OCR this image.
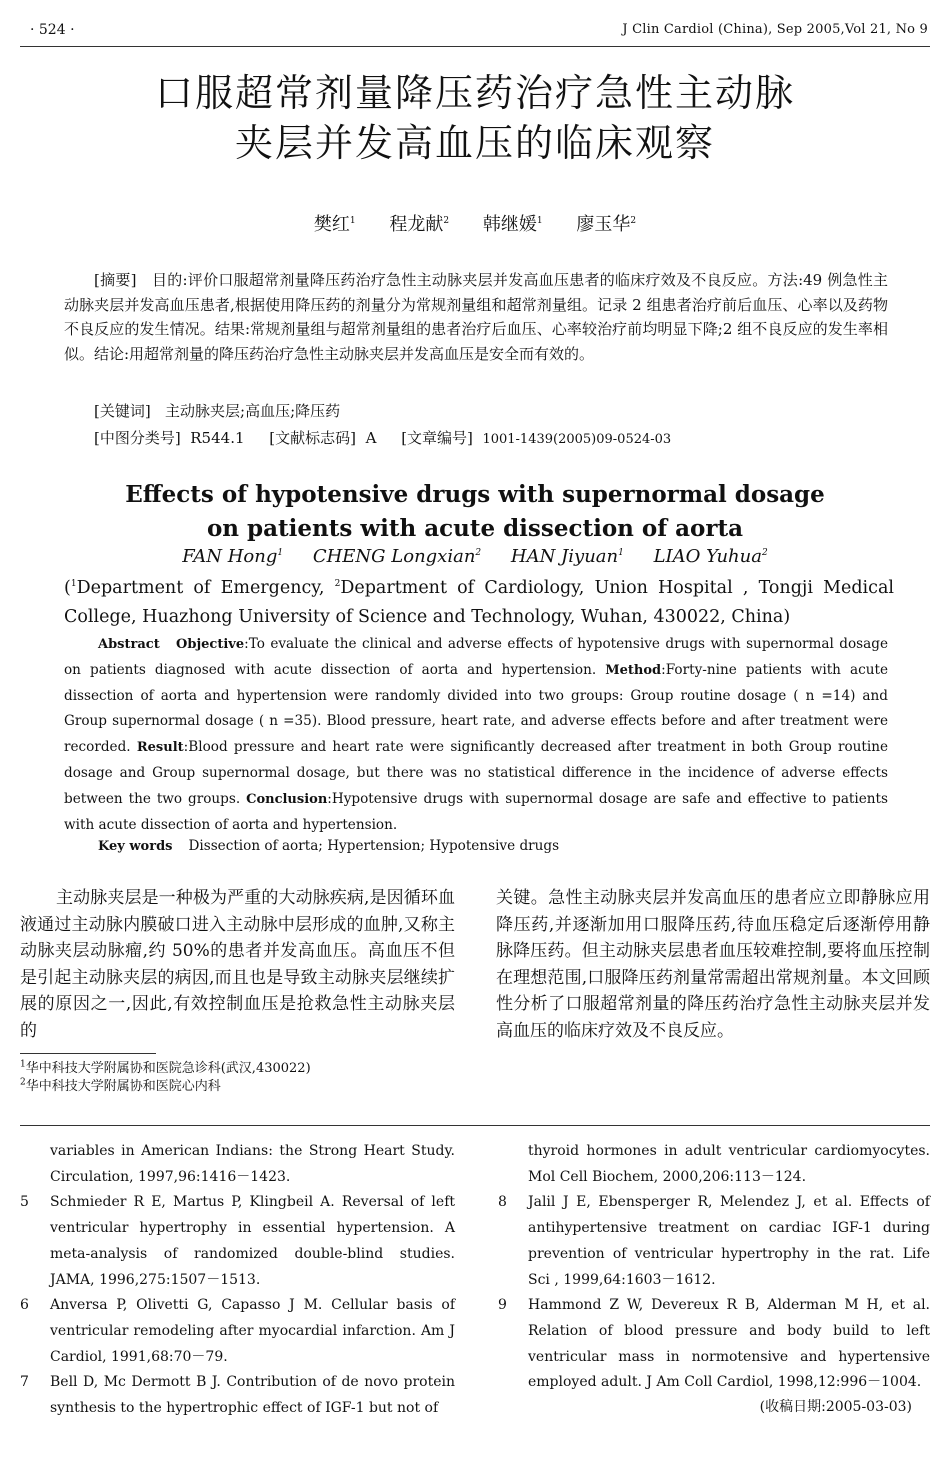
· 524 ·	J Clin Cardiol (China), Sep 2005,Vol 21, No 9
口服超常剂量降压药治疗急性主动脉
夹层并发高血压的临床观察
樊红$^1$ 程龙献$^2$ 韩继媛$^1$ 廖玉华$^2$

[摘要]　目的:评价口服超常剂量降压药治疗急性主动脉夹层并发高血压患者的临床疗效及不良反应。方法:49 例急性主动脉夹层并发高血压患者,根据使用降压药的剂量分为常规剂量组和超常剂量组。记录 2 组患者治疗前后血压、心率以及药物不良反应的发生情况。结果:常规剂量组与超常剂量组的患者治疗后血压、心率较治疗前均明显下降;2 组不良反应的发生率相似。结论:用超常剂量的降压药治疗急性主动脉夹层并发高血压是安全而有效的。

[关键词] 主动脉夹层;高血压;降压药
[中图分类号] R544.1 [文献标志码] A [文章编号] 1001-1439(2005)09-0524-03
Effects of hypotensive drugs with supernormal dosage
on patients with acute dissection of aorta
FAN Hong$^1$ CHENG Longxian$^2$ HAN Jiyuan$^1$ LIAO Yuhua$^2$
($^1$Department of Emergency, $^2$Department of Cardiology, Union Hospital , Tongji Medical College, Huazhong University of Science and Technology, Wuhan, 430022, China)
Abstract Objective:To evaluate the clinical and adverse effects of hypotensive drugs with supernormal dosage on patients diagnosed with acute dissection of aorta and hypertension. Method:Forty-nine patients with acute dissection of aorta and hypertension were randomly divided into two groups: Group routine dosage ( n =14) and Group supernormal dosage ( n =35). Blood pressure, heart rate, and adverse effects before and after treatment were recorded. Result:Blood pressure and heart rate were significantly decreased after treatment in both Group routine dosage and Group supernormal dosage, but there was no statistical difference in the incidence of adverse effects between the two groups. Conclusion:Hypotensive drugs with supernormal dosage are safe and effective to patients with acute dissection of aorta and hypertension.
Key words Dissection of aorta; Hypertension; Hypotensive drugs

主动脉夹层是一种极为严重的大动脉疾病,是因循环血液通过主动脉内膜破口进入主动脉中层形成的血肿,又称主动脉夹层动脉瘤,约 50%的患者并发高血压。高血压不但是引起主动脉夹层的病因,而且也是导致主动脉夹层继续扩展的原因之一,因此,有效控制血压是抢救急性主动脉夹层的

关键。急性主动脉夹层并发高血压的患者应立即静脉应用降压药,并逐渐加用口服降压药,待血压稳定后逐渐停用静脉降压药。但主动脉夹层患者血压较难控制,要将血压控制在理想范围,口服降压药剂量常需超出常规剂量。本文回顾性分析了口服超常剂量的降压药治疗急性主动脉夹层并发高血压的临床疗效及不良反应。

$^1$华中科技大学附属协和医院急诊科(武汉,430022)
$^2$华中科技大学附属协和医院心内科
variables in American Indians: the Strong Heart Study. Circulation, 1997,96:1416－1423.
5 Schmieder R E, Martus P, Klingbeil A. Reversal of left ventricular hypertrophy in essential hypertension. A meta-analysis of randomized double-blind studies. JAMA, 1996,275:1507－1513.
6 Anversa P, Olivetti G, Capasso J M. Cellular basis of ventricular remodeling after myocardial infarction. Am J Cardiol, 1991,68:70－79.
7 Bell D, Mc Dermott B J. Contribution of de novo protein synthesis to the hypertrophic effect of IGF-1 but not of
thyroid hormones in adult ventricular cardiomyocytes. Mol Cell Biochem, 2000,206:113－124.
8 Jalil J E, Ebensperger R, Melendez J, et al. Effects of antihypertensive treatment on cardiac IGF-1 during prevention of ventricular hypertrophy in the rat. Life Sci , 1999,64:1603－1612.
9 Hammond Z W, Devereux R B, Alderman M H, et al. Relation of blood pressure and body build to left ventricular mass in normotensive and hypertensive employed adult. J Am Coll Cardiol, 1998,12:996－1004.
(收稿日期:2005-03-03)
